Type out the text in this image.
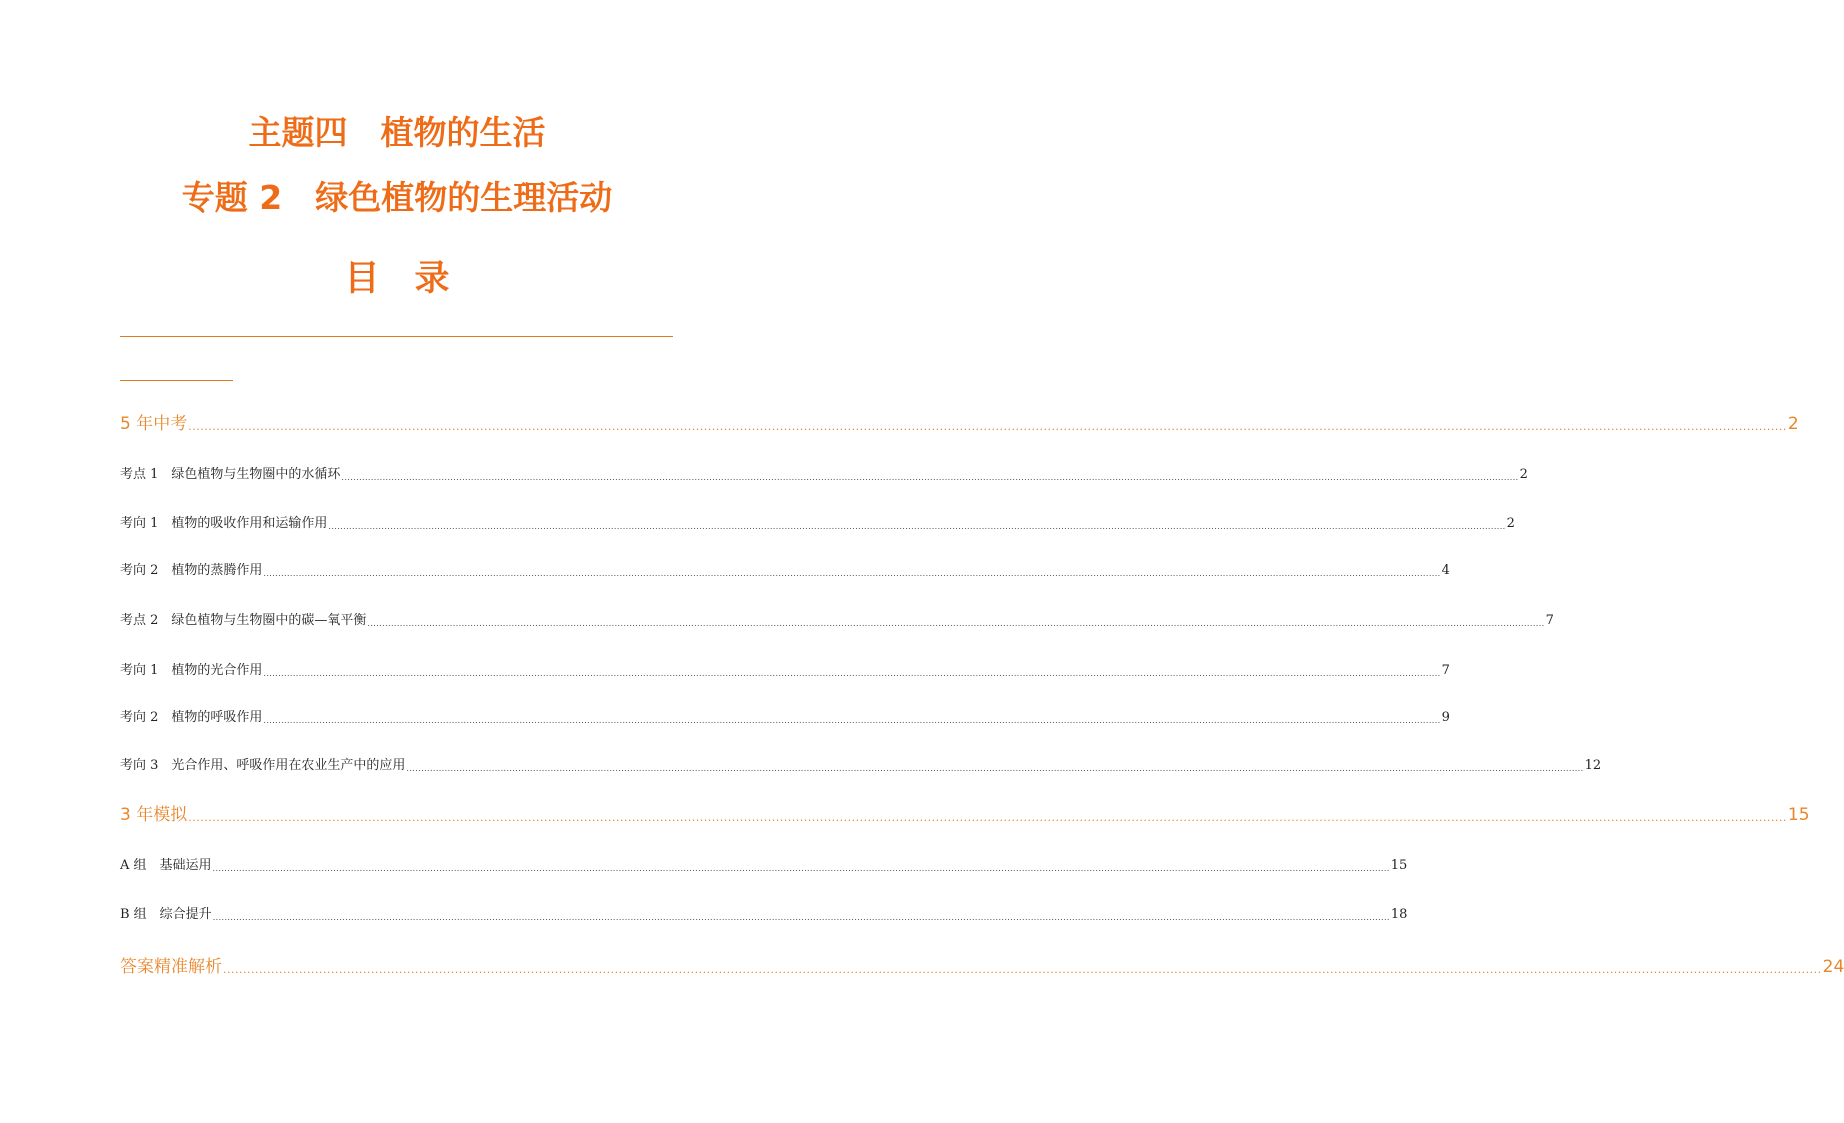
主题四　植物的生活
专题 2　绿色植物的生理活动
目　录
5 年中考 ................................................................................................................................................................................................................................................................................................................................................................................................................ 2
考点 1　绿色植物与生物圈中的水循环 ................................................................................................................................................................................................................................................................................................................................................................................................................ 2
考向 1　植物的吸收作用和运输作用 ................................................................................................................................................................................................................................................................................................................................................................................................................ 2
考向 2　植物的蒸腾作用 ................................................................................................................................................................................................................................................................................................................................................................................................................ 4
考点 2　绿色植物与生物圈中的碳—氧平衡 ................................................................................................................................................................................................................................................................................................................................................................................................................ 7
考向 1　植物的光合作用 ................................................................................................................................................................................................................................................................................................................................................................................................................ 7
考向 2　植物的呼吸作用 ................................................................................................................................................................................................................................................................................................................................................................................................................ 9
考向 3　光合作用、呼吸作用在农业生产中的应用 ................................................................................................................................................................................................................................................................................................................................................................................................................ 12
3 年模拟 ................................................................................................................................................................................................................................................................................................................................................................................................................ 15
A 组　基础运用 ................................................................................................................................................................................................................................................................................................................................................................................................................ 15
B 组　综合提升 ................................................................................................................................................................................................................................................................................................................................................................................................................ 18
答案精准解析 ................................................................................................................................................................................................................................................................................................................................................................................................................ 24
